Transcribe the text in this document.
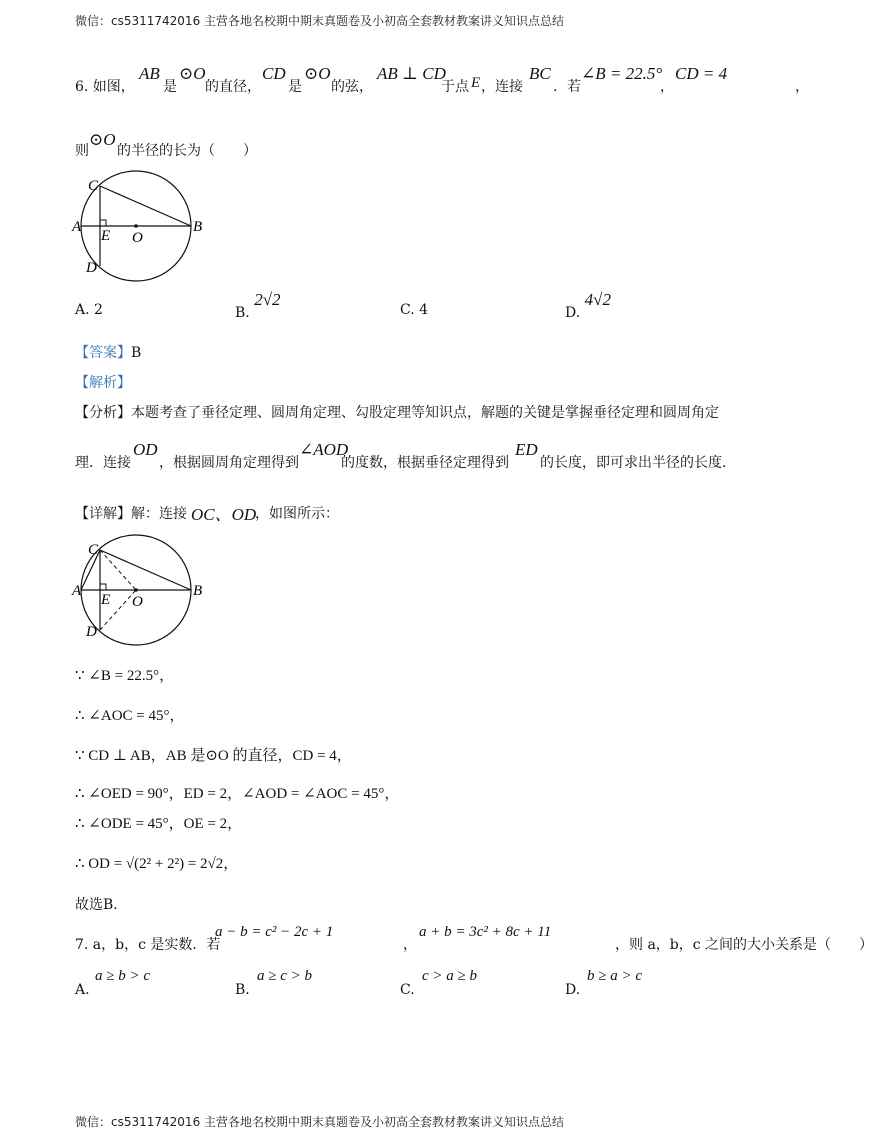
微信：cs5311742016 主营各地名校期中期末真题卷及小初高全套教材教案讲义知识点总结
6. 如图，
AB
是
⊙O
的直径，
CD
是
⊙O
的弦，
AB ⊥ CD
于点 E ，连接
BC
．若
∠B = 22.5°
，
CD = 4
，
则
⊙O
的半径的长为（　　）
C
A	B
E O
D
A. 2	B. 2√2
C. 4	D. 4√2
【答案】B
【解析】
【分析】本题考查了垂径定理、圆周角定理、勾股定理等知识点，解题的关键是掌握垂径定理和圆周角定
理．连接
OD
，根据圆周角定理得到
∠AOD
的度数，根据垂径定理得到
ED
的长度，即可求出半径的长度．
【详解】解：连接 OC、OD
，如图所示：
C
A	B
E O
D
∵ ∠B = 22.5°，
∴ ∠AOC = 45°，
∵ CD ⊥ AB，AB 是⊙O 的直径，CD = 4，
∴ ∠OED = 90°，ED = 2，∠AOD = ∠AOC = 45°，
∴ ∠ODE = 45°，OE = 2，
∴ OD = √(2² + 2²) = 2√2，
故选B．
7. a，b，c 是实数．若
a − b = c² − 2c + 1
，
a + b = 3c² + 8c + 11
，则 a，b，c 之间的大小关系是（　　）
A.
a ≥ b > c
B.
a ≥ c > b
C.
c > a ≥ b
D.
b ≥ a > c
微信：cs5311742016 主营各地名校期中期末真题卷及小初高全套教材教案讲义知识点总结
